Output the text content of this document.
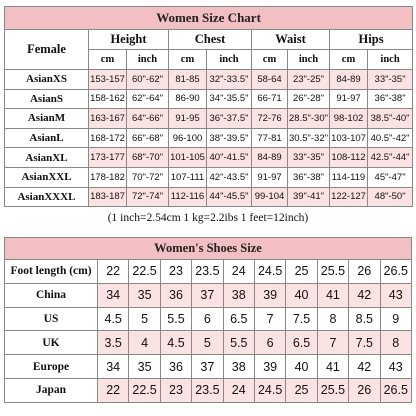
Women Size Chart								
Female	Height		Chest		Waist		Hips	
	cm	inch	cm	inch	cm	inch	cm	inch
AsianXS	153-157	60"-62"	81-85	32"-33.5"	58-64	23"-25"	84-89	33"-35"
AsianS	158-162	62"-64"	86-90	34"-35.5"	66-71	26"-28"	91-97	36"-38"
AsianM	163-167	64"-66"	91-95	36"-37.5"	72-76	28.5"-30"	98-102	38.5"-40"
AsianL	168-172	66"-68"	96-100	38"-39.5"	77-81	30.5"-32"	103-107	40.5"-42"
AsianXL	173-177	68"-70"	101-105	40"-41.5"	84-89	33"-35"	108-112	42.5"-44"
AsianXXL	178-182	70"-72"	107-111	42"-43.5"	91-97	36"-38"	114-119	45"-47"
AsianXXXL	183-187	72"-74"	112-116	44"-45.5"	99-104	39"-41"	122-127	48"-50"
(1 inch=2.54cm 1 kg=2.2ibs 1 feet=12inch)
Women's Shoes Size										
Foot length (cm)	22	22.5	23	23.5	24	24.5	25	25.5	26	26.5
China	34	35	36	37	38	39	40	41	42	43
US	4.5	5	5.5	6	6.5	7	7.5	8	8.5	9
UK	3.5	4	4.5	5	5.5	6	6.5	7	7.5	8
Europe	34	35	36	37	38	39	40	41	42	43
Japan	22	22.5	23	23.5	24	24.5	25	25.5	26	26.5
